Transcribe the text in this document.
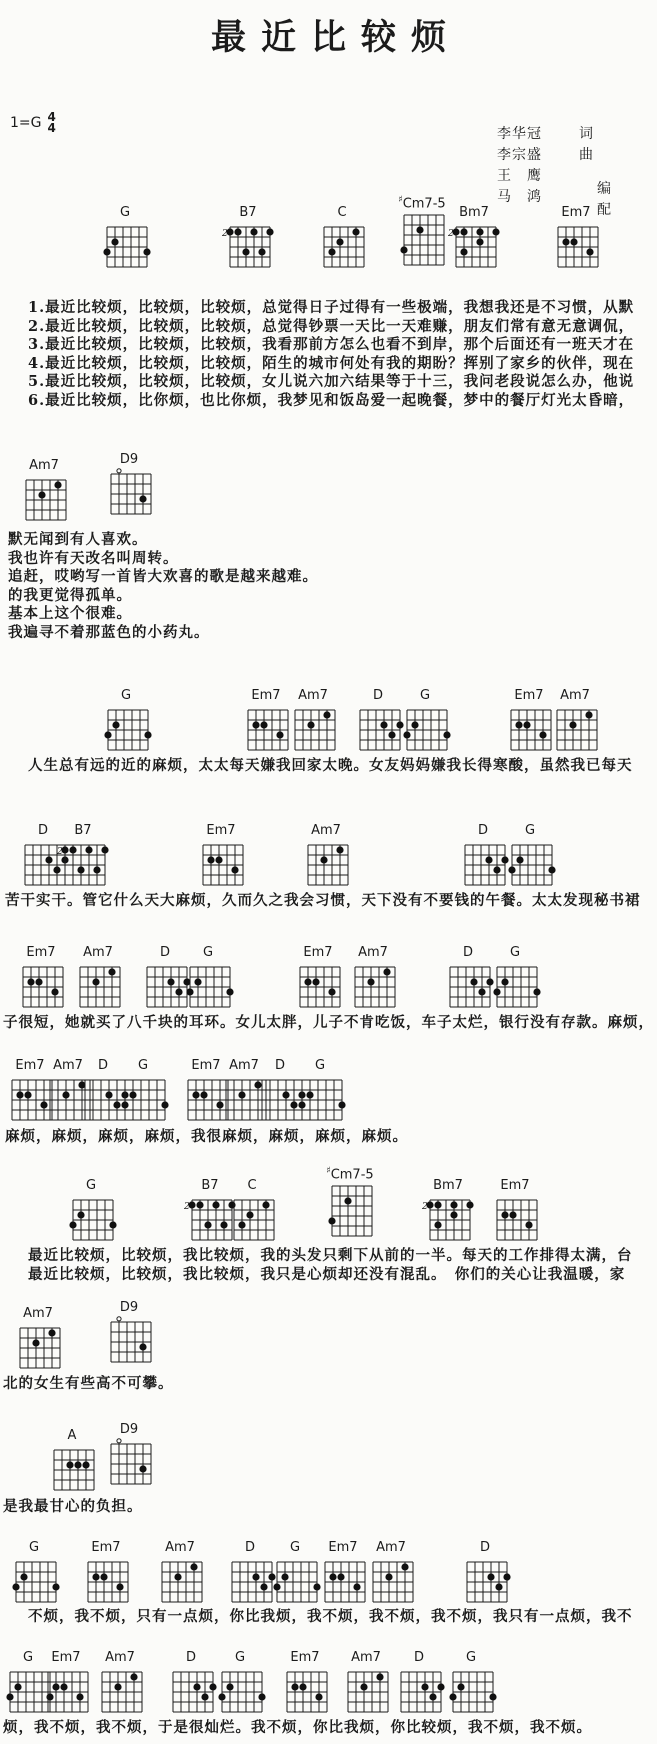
最近比较烦
1=G 4
4	李华冠	词
李宗盛	曲
王　鹰
马　鸿	编配
G	B7
2
C
♯Cm7-5
Bm7
2
Em7
1.最近比较烦，比较烦，比较烦，总觉得日子过得有一些极端，我想我还是不习惯，从默
2.最近比较烦，比较烦，比较烦，总觉得钞票一天比一天难赚，朋友们常有意无意调侃，
3.最近比较烦，比较烦，比较烦，我看那前方怎么也看不到岸，那个后面还有一班天才在
4.最近比较烦，比较烦，比较烦，陌生的城市何处有我的期盼？挥别了家乡的伙伴，现在
5.最近比较烦，比较烦，比较烦，女儿说六加六结果等于十三，我问老段说怎么办，他说
6.最近比较烦，比你烦，也比你烦，我梦见和饭岛爱一起晚餐，梦中的餐厅灯光太昏暗，
Am7	D9
默无闻到有人喜欢。
我也许有天改名叫周转。
追赶，哎哟写一首皆大欢喜的歌是越来越难。
的我更觉得孤单。
基本上这个很难。
我遍寻不着那蓝色的小药丸。
G	Em7	Am7	D	G	Em7	Am7
人生总有远的近的麻烦，太太每天嫌我回家太晚。女友妈妈嫌我长得寒酸，虽然我已每天
D	B7
2
Em7	Am7	D	G
苦干实干。管它什么天大麻烦，久而久之我会习惯，天下没有不要钱的午餐。太太发现秘书裙
Em7	Am7	D	G	Em7	Am7	D	G
子很短，她就买了八千块的耳环。女儿太胖，儿子不肯吃饭，车子太烂，银行没有存款。麻烦，
Em7 Am7	D	G	Em7 Am7	D	G
麻烦，麻烦，麻烦，麻烦，我很麻烦，麻烦，麻烦，麻烦。
G	B7
2
C
♯Cm7-5
Bm7
2
Em7
最近比较烦，比较烦，我比较烦，我的头发只剩下从前的一半。每天的工作排得太满，台
最近比较烦，比较烦，我比较烦，我只是心烦却还没有混乱。　你们的关心让我温暖，家
Am7	D9
北的女生有些高不可攀。
A	D9
是我最甘心的负担。
G	Em7	Am7	D	G	Em7	Am7	D
不烦，我不烦，只有一点烦，你比我烦，我不烦，我不烦，我不烦，我只有一点烦，我不
G	Em7	Am7	D	G	Em7	Am7	D	G
烦，我不烦，我不烦，于是很灿烂。我不烦，你比我烦，你比较烦，我不烦，我不烦。
